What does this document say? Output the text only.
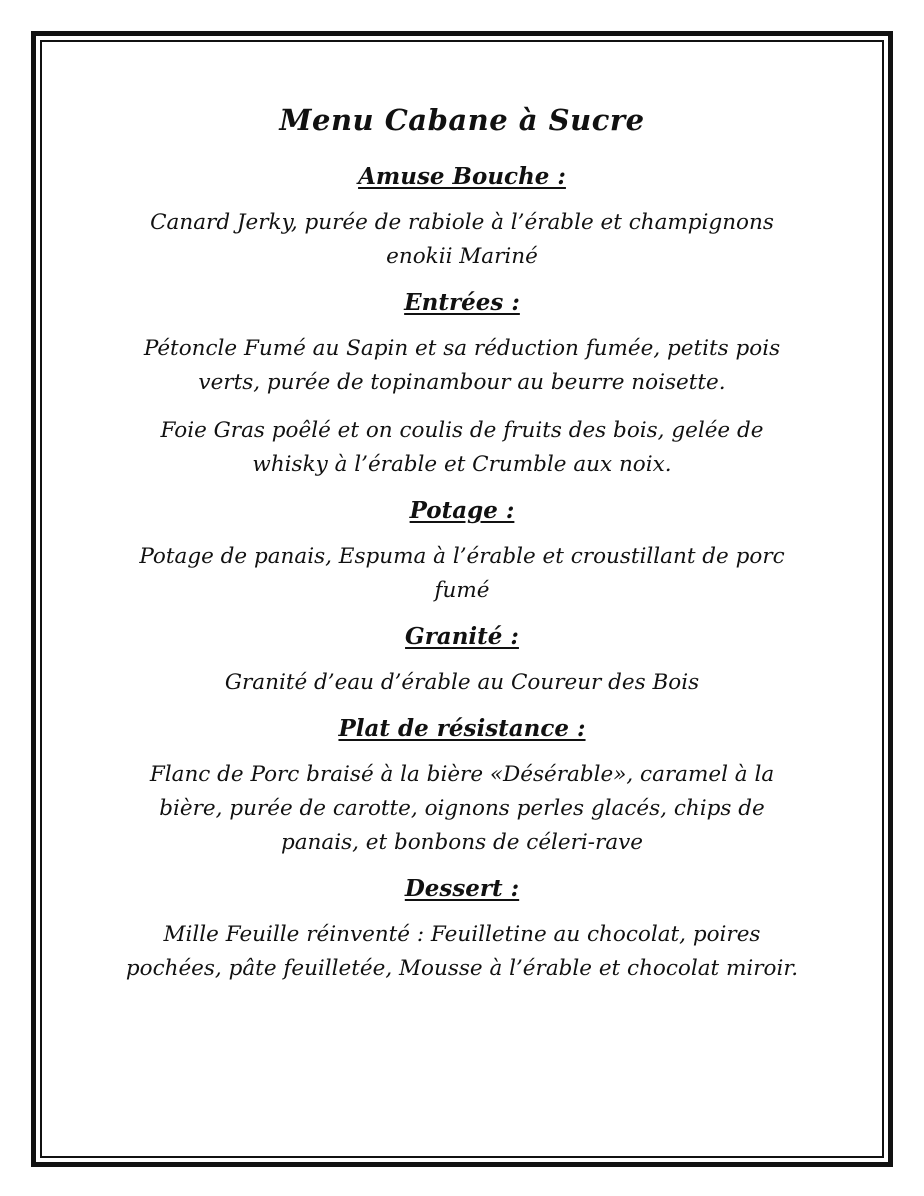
Menu Cabane à Sucre
Amuse Bouche :
Canard Jerky, purée de rabiole à l’érable et champignons enokii Mariné
Entrées :
Pétoncle Fumé au Sapin et sa réduction fumée, petits pois verts, purée de topinambour au beurre noisette.
Foie Gras poêlé et on coulis de fruits des bois, gelée de whisky à l’érable et Crumble aux noix.
Potage :
Potage de panais, Espuma à l’érable et croustillant de porc fumé
Granité :
Granité d’eau d’érable au Coureur des Bois
Plat de résistance :
Flanc de Porc braisé à la bière «Désérable», caramel à la bière, purée de carotte, oignons perles glacés, chips de panais, et bonbons de céleri-rave
Dessert :
Mille Feuille réinventé : Feuilletine au chocolat, poires pochées, pâte feuilletée, Mousse à l’érable et chocolat miroir.
